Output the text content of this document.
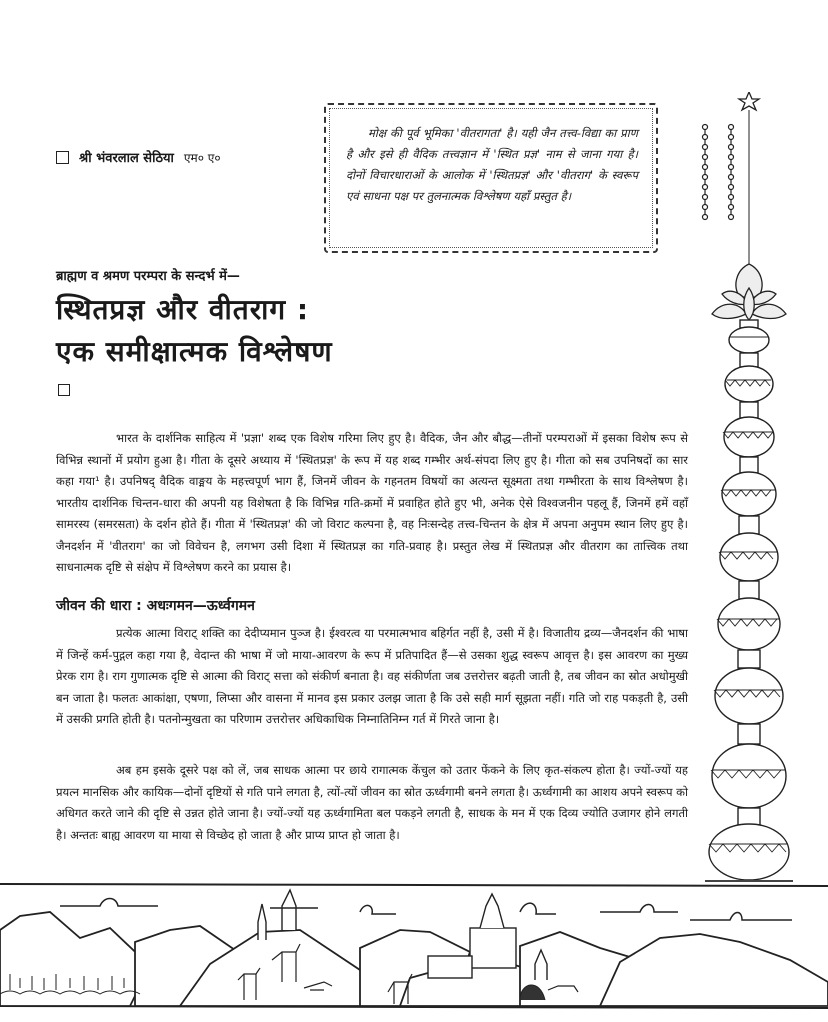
श्री भंवरलाल सेठिया एम० ए०

मोक्ष की पूर्व भूमिका 'वीतरागता' है। यही जैन तत्त्व-विद्या का प्राण है और इसे ही वैदिक तत्त्वज्ञान में 'स्थित प्रज्ञ' नाम से जाना गया है। दोनों विचारधाराओं के आलोक में 'स्थितप्रज्ञ' और 'वीतराग' के स्वरूप एवं साधना पक्ष पर तुलनात्मक विश्लेषण यहाँ प्रस्तुत है।

ब्राह्मण व श्रमण परम्परा के सन्दर्भ में—
स्थितप्रज्ञ और वीतराग :
एक समीक्षात्मक विश्लेषण

भारत के दार्शनिक साहित्य में 'प्रज्ञा' शब्द एक विशेष गरिमा लिए हुए है। वैदिक, जैन और बौद्ध—तीनों परम्पराओं में इसका विशेष रूप से विभिन्न स्थानों में प्रयोग हुआ है। गीता के दूसरे अध्याय में 'स्थितप्रज्ञ' के रूप में यह शब्द गम्भीर अर्थ-संपदा लिए हुए है। गीता को सब उपनिषदों का सार कहा गया¹ है। उपनिषद् वैदिक वाङ्मय के महत्त्वपूर्ण भाग हैं, जिनमें जीवन के गहनतम विषयों का अत्यन्त सूक्ष्मता तथा गम्भीरता के साथ विश्लेषण है। भारतीय दार्शनिक चिन्तन-धारा की अपनी यह विशेषता है कि विभिन्न गति-क्रमों में प्रवाहित होते हुए भी, अनेक ऐसे विश्वजनीन पहलू हैं, जिनमें हमें वहाँ सामरस्य (समरसता) के दर्शन होते हैं। गीता में 'स्थितप्रज्ञ' की जो विराट कल्पना है, वह निःसन्देह तत्त्व-चिन्तन के क्षेत्र में अपना अनुपम स्थान लिए हुए है। जैनदर्शन में 'वीतराग' का जो विवेचन है, लगभग उसी दिशा में स्थितप्रज्ञ का गति-प्रवाह है। प्रस्तुत लेख में स्थितप्रज्ञ और वीतराग का तात्त्विक तथा साधनात्मक दृष्टि से संक्षेप में विश्लेषण करने का प्रयास है।

जीवन की धारा : अधःगमन—ऊर्ध्वगमन

प्रत्येक आत्मा विराट् शक्ति का देदीप्यमान पुञ्ज है। ईश्वरत्व या परमात्मभाव बहिर्गत नहीं है, उसी में है। विजातीय द्रव्य—जैनदर्शन की भाषा में जिन्हें कर्म-पुद्गल कहा गया है, वेदान्त की भाषा में जो माया-आवरण के रूप में प्रतिपादित हैं—से उसका शुद्ध स्वरूप आवृत्त है। इस आवरण का मुख्य प्रेरक राग है। राग गुणात्मक दृष्टि से आत्मा की विराट् सत्ता को संकीर्ण बनाता है। वह संकीर्णता जब उत्तरोत्तर बढ़ती जाती है, तब जीवन का स्रोत अधोमुखी बन जाता है। फलतः आकांक्षा, एषणा, लिप्सा और वासना में मानव इस प्रकार उलझ जाता है कि उसे सही मार्ग सूझता नहीं। गति जो राह पकड़ती है, उसी में उसकी प्रगति होती है। पतनोन्मुखता का परिणाम उत्तरोत्तर अधिकाधिक निम्नातिनिम्न गर्त में गिरते जाना है।

अब हम इसके दूसरे पक्ष को लें, जब साधक आत्मा पर छाये रागात्मक केंचुल को उतार फेंकने के लिए कृत-संकल्प होता है। ज्यों-ज्यों यह प्रयत्न मानसिक और कायिक—दोनों दृष्टियों से गति पाने लगता है, त्यों-त्यों जीवन का स्रोत ऊर्ध्वगामी बनने लगता है। ऊर्ध्वगामी का आशय अपने स्वरूप को अधिगत करते जाने की दृष्टि से उन्नत होते जाना है। ज्यों-ज्यों यह ऊर्ध्वगामिता बल पकड़ने लगती है, साधक के मन में एक दिव्य ज्योति उजागर होने लगती है। अन्ततः बाह्य आवरण या माया से विच्छेद हो जाता है और प्राप्य प्राप्त हो जाता है।
